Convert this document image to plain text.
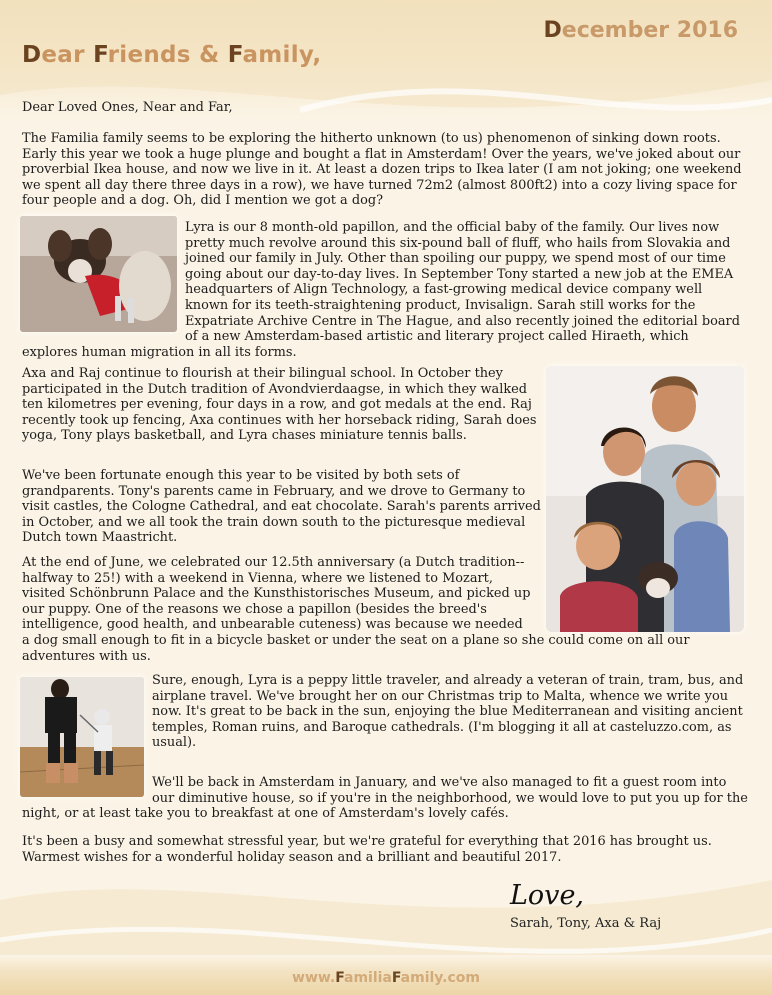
Dear Friends & Family,
December 2016

Dear Loved Ones, Near and Far,

The Familia family seems to be exploring the hitherto unknown (to us) phenomenon of sinking down roots. Early this year we took a huge plunge and bought a flat in Amsterdam! Over the years, we've joked about our proverbial Ikea house, and now we live in it. At least a dozen trips to Ikea later (I am not joking; one weekend we spent all day there three days in a row), we have turned 72m2 (almost 800ft2) into a cozy living space for four people and a dog. Oh, did I mention we got a dog?

Lyra is our 8 month-old papillon, and the official baby of the family. Our lives now pretty much revolve around this six-pound ball of fluff, who hails from Slovakia and joined our family in July. Other than spoiling our puppy, we spend most of our time going about our day-to-day lives. In September Tony started a new job at the EMEA headquarters of Align Technology, a fast-growing medical device company well known for its teeth-straightening product, Invisalign. Sarah still works for the Expatriate Archive Centre in The Hague, and also recently joined the editorial board of a new Amsterdam-based artistic and literary project called Hiraeth, which explores human migration in all its forms.

Axa and Raj continue to flourish at their bilingual school. In October they participated in the Dutch tradition of Avondvierdaagse, in which they walked ten kilometres per evening, four days in a row, and got medals at the end. Raj recently took up fencing, Axa continues with her horseback riding, Sarah does yoga, Tony plays basketball, and Lyra chases miniature tennis balls.

We've been fortunate enough this year to be visited by both sets of grandparents. Tony's parents came in February, and we drove to Germany to visit castles, the Cologne Cathedral, and eat chocolate. Sarah's parents arrived in October, and we all took the train down south to the picturesque medieval Dutch town Maastricht.

At the end of June, we celebrated our 12.5th anniversary (a Dutch tradition--halfway to 25!) with a weekend in Vienna, where we listened to Mozart, visited Schönbrunn Palace and the Kunsthistorisches Museum, and picked up our puppy. One of the reasons we chose a papillon (besides the breed's intelligence, good health, and unbearable cuteness) was because we needed a dog small enough to fit in a bicycle basket or under the seat on a plane so she could come on all our adventures with us.

Sure, enough, Lyra is a peppy little traveler, and already a veteran of train, tram, bus, and airplane travel. We've brought her on our Christmas trip to Malta, whence we write you now. It's great to be back in the sun, enjoying the blue Mediterranean and visiting ancient temples, Roman ruins, and Baroque cathedrals. (I'm blogging it all at casteluzzo.com, as usual).

We'll be back in Amsterdam in January, and we've also managed to fit a guest room into our diminutive house, so if you're in the neighborhood, we would love to put you up for the night, or at least take you to breakfast at one of Amsterdam's lovely cafés.

It's been a busy and somewhat stressful year, but we're grateful for everything that 2016 has brought us. Warmest wishes for a wonderful holiday season and a brilliant and beautiful 2017.

Love,
Sarah, Tony, Axa & Raj
www.FamiliaFamily.com
